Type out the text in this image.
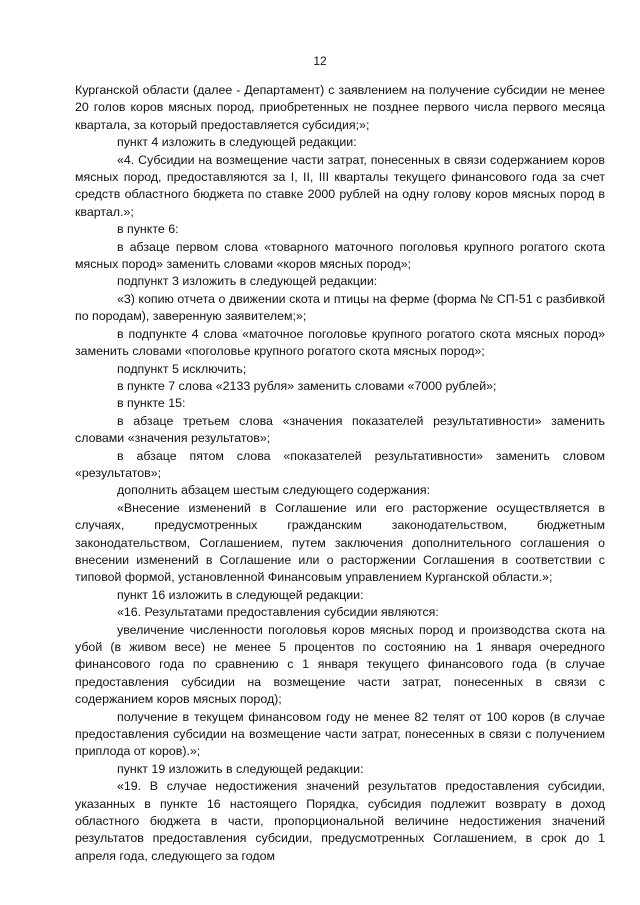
12

Курганской области (далее - Департамент) с заявлением на получение субсидии не менее 20 голов коров мясных пород, приобретенных не позднее первого числа первого месяца квартала, за который предоставляется субсидия;»;

пункт 4 изложить в следующей редакции:

«4. Субсидии на возмещение части затрат, понесенных в связи содержанием коров мясных пород, предоставляются за I, II, III кварталы текущего финансового года за счет средств областного бюджета по ставке 2000 рублей на одну голову коров мясных пород в квартал.»;

в пункте 6:

в абзаце первом слова «товарного маточного поголовья крупного рогатого скота мясных пород» заменить словами «коров мясных пород»;

подпункт 3 изложить в следующей редакции:

«3) копию отчета о движении скота и птицы на ферме (форма № СП-51 с разбивкой по породам), заверенную заявителем;»;

в подпункте 4 слова «маточное поголовье крупного рогатого скота мясных пород» заменить словами «поголовье крупного рогатого скота мясных пород»;

подпункт 5 исключить;

в пункте 7 слова «2133 рубля» заменить словами «7000 рублей»;

в пункте 15:

в абзаце третьем слова «значения показателей результативности» заменить словами «значения результатов»;

в абзаце пятом слова «показателей результативности» заменить словом «результатов»;

дополнить абзацем шестым следующего содержания:

«Внесение изменений в Соглашение или его расторжение осуществляется в случаях, предусмотренных гражданским законодательством, бюджетным законодательством, Соглашением, путем заключения дополнительного соглашения о внесении изменений в Соглашение или о расторжении Соглашения в соответствии с типовой формой, установленной Финансовым управлением Курганской области.»;

пункт 16 изложить в следующей редакции:

«16. Результатами предоставления субсидии являются:

увеличение численности поголовья коров мясных пород и производства скота на убой (в живом весе) не менее 5 процентов по состоянию на 1 января очередного финансового года по сравнению с 1 января текущего финансового года (в случае предоставления субсидии на возмещение части затрат, понесенных в связи с содержанием коров мясных пород);

получение в текущем финансовом году не менее 82 телят от 100 коров (в случае предоставления субсидии на возмещение части затрат, понесенных в связи с получением приплода от коров).»;

пункт 19 изложить в следующей редакции:

«19. В случае недостижения значений результатов предоставления субсидии, указанных в пункте 16 настоящего Порядка, субсидия подлежит возврату в доход областного бюджета в части, пропорциональной величине недостижения значений результатов предоставления субсидии, предусмотренных Соглашением, в срок до 1 апреля года, следующего за годом
